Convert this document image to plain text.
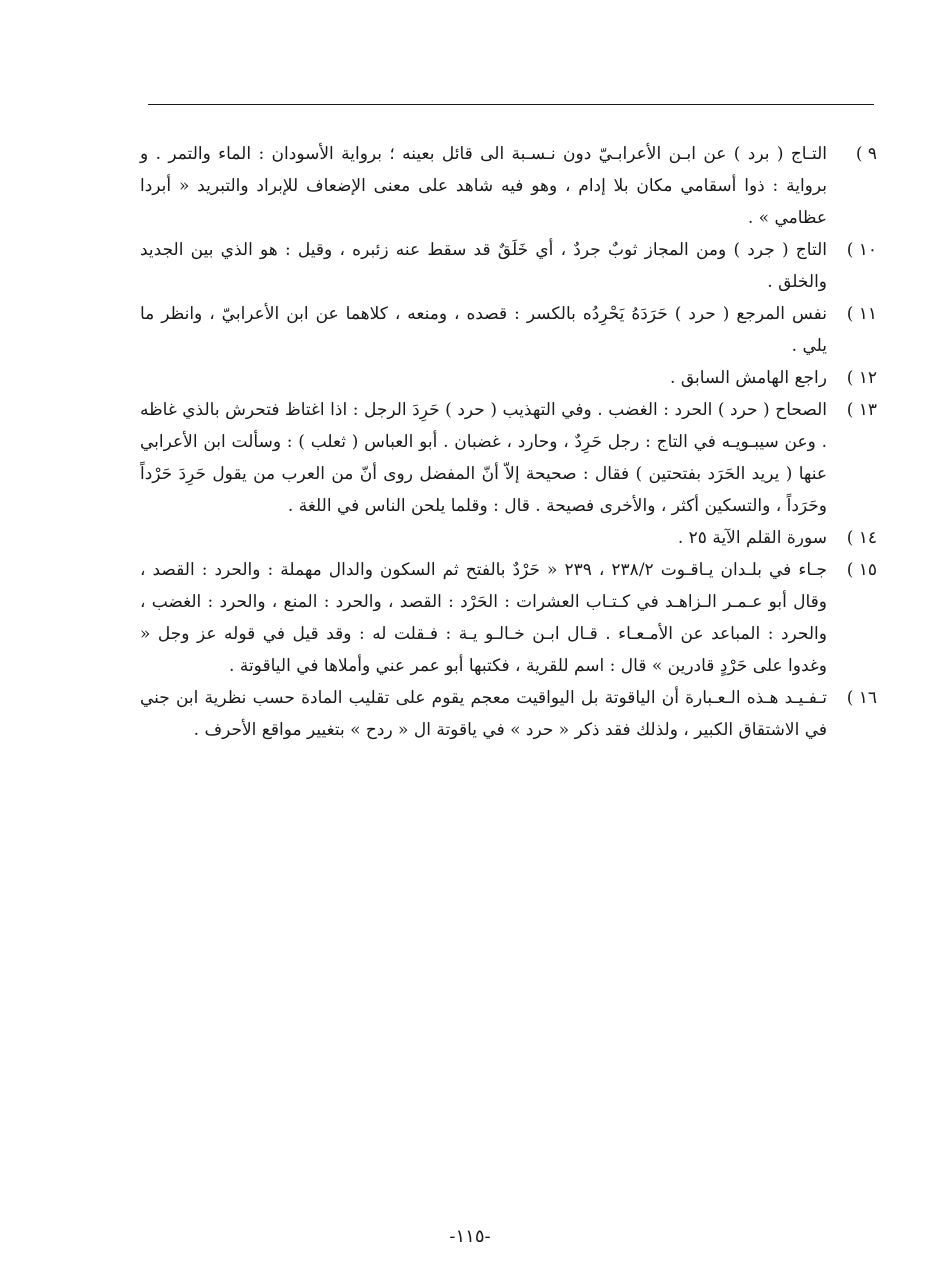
٩ )
التـاج ( برد ) عن ابـن الأعرابـيّ دون نـسـبة الى قائل بعينه ؛ برواية الأسودان : الماء والتمر . و برواية : ذوا أسقامي مكان بلا إدام ، وهو فيه شاهد على معنى الإضعاف للإبراد والتبريد « أبردا عظامي » .
١٠ )
التاج ( جرد ) ومن المجاز ثوبٌ جردٌ ، أي خَلَقٌ قد سقط عنه زئبره ، وقيل : هو الذي بين الجديد والخلق .
١١ )
نفس المرجع ( حرد ) حَرَدَهُ يَحْرِدُه بالكسر : قصده ، ومنعه ، كلاهما عن ابن الأعرابيّ ، وانظر ما يلي .
١٢ )
راجع الهامش السابق .
١٣ )
الصحاح ( حرد ) الحرد : الغضب . وفي التهذيب ( حرد ) حَرِدَ الرجل : اذا اغتاظ فتحرش بالذي غاظه . وعن سيبـويـه في التاج : رجل حَرِدٌ ، وحارد ، غضبان . أبو العباس ( ثعلب ) : وسألت ابن الأعرابي عنها ( يريد الحَرَد بفتحتين ) فقال : صحيحة إلاّ أنّ المفضل روى أنّ من العرب من يقول حَرِدَ حَرْداً وحَرَداً ، والتسكين أكثر ، والأخرى فصيحة . قال : وقلما يلحن الناس في اللغة .
١٤ )
سورة القلم الآية ٢٥ .
١٥ )
جـاء في بلـدان يـاقـوت ٢٣٨/٢ ، ٢٣٩ « حَرْدٌ بالفتح ثم السكون والدال مهملة : والحرد : القصد ، وقال أبو عـمـر الـزاهـد في كـتـاب العشرات : الحَرْد : القصد ، والحرد : المنع ، والحرد : الغضب ، والحرد : المباعد عن الأمـعـاء . قـال ابـن خـالـو يـة : فـقلت له : وقد قيل في قوله عز وجل « وغدوا على حَرْدٍ قادرين » قال : اسم للقرية ، فكتبها أبو عمر عني وأملاها في الياقوتة .
١٦ )
تـفـيـد هـذه الـعـبارة أن الياقوتة بل اليواقيت معجم يقوم على تقليب المادة حسب نظرية ابن جني في الاشتقاق الكبير ، ولذلك فقد ذكر « حرد » في ياقوتة ال « ردح » بتغيير مواقع الأحرف .
-١١٥-
